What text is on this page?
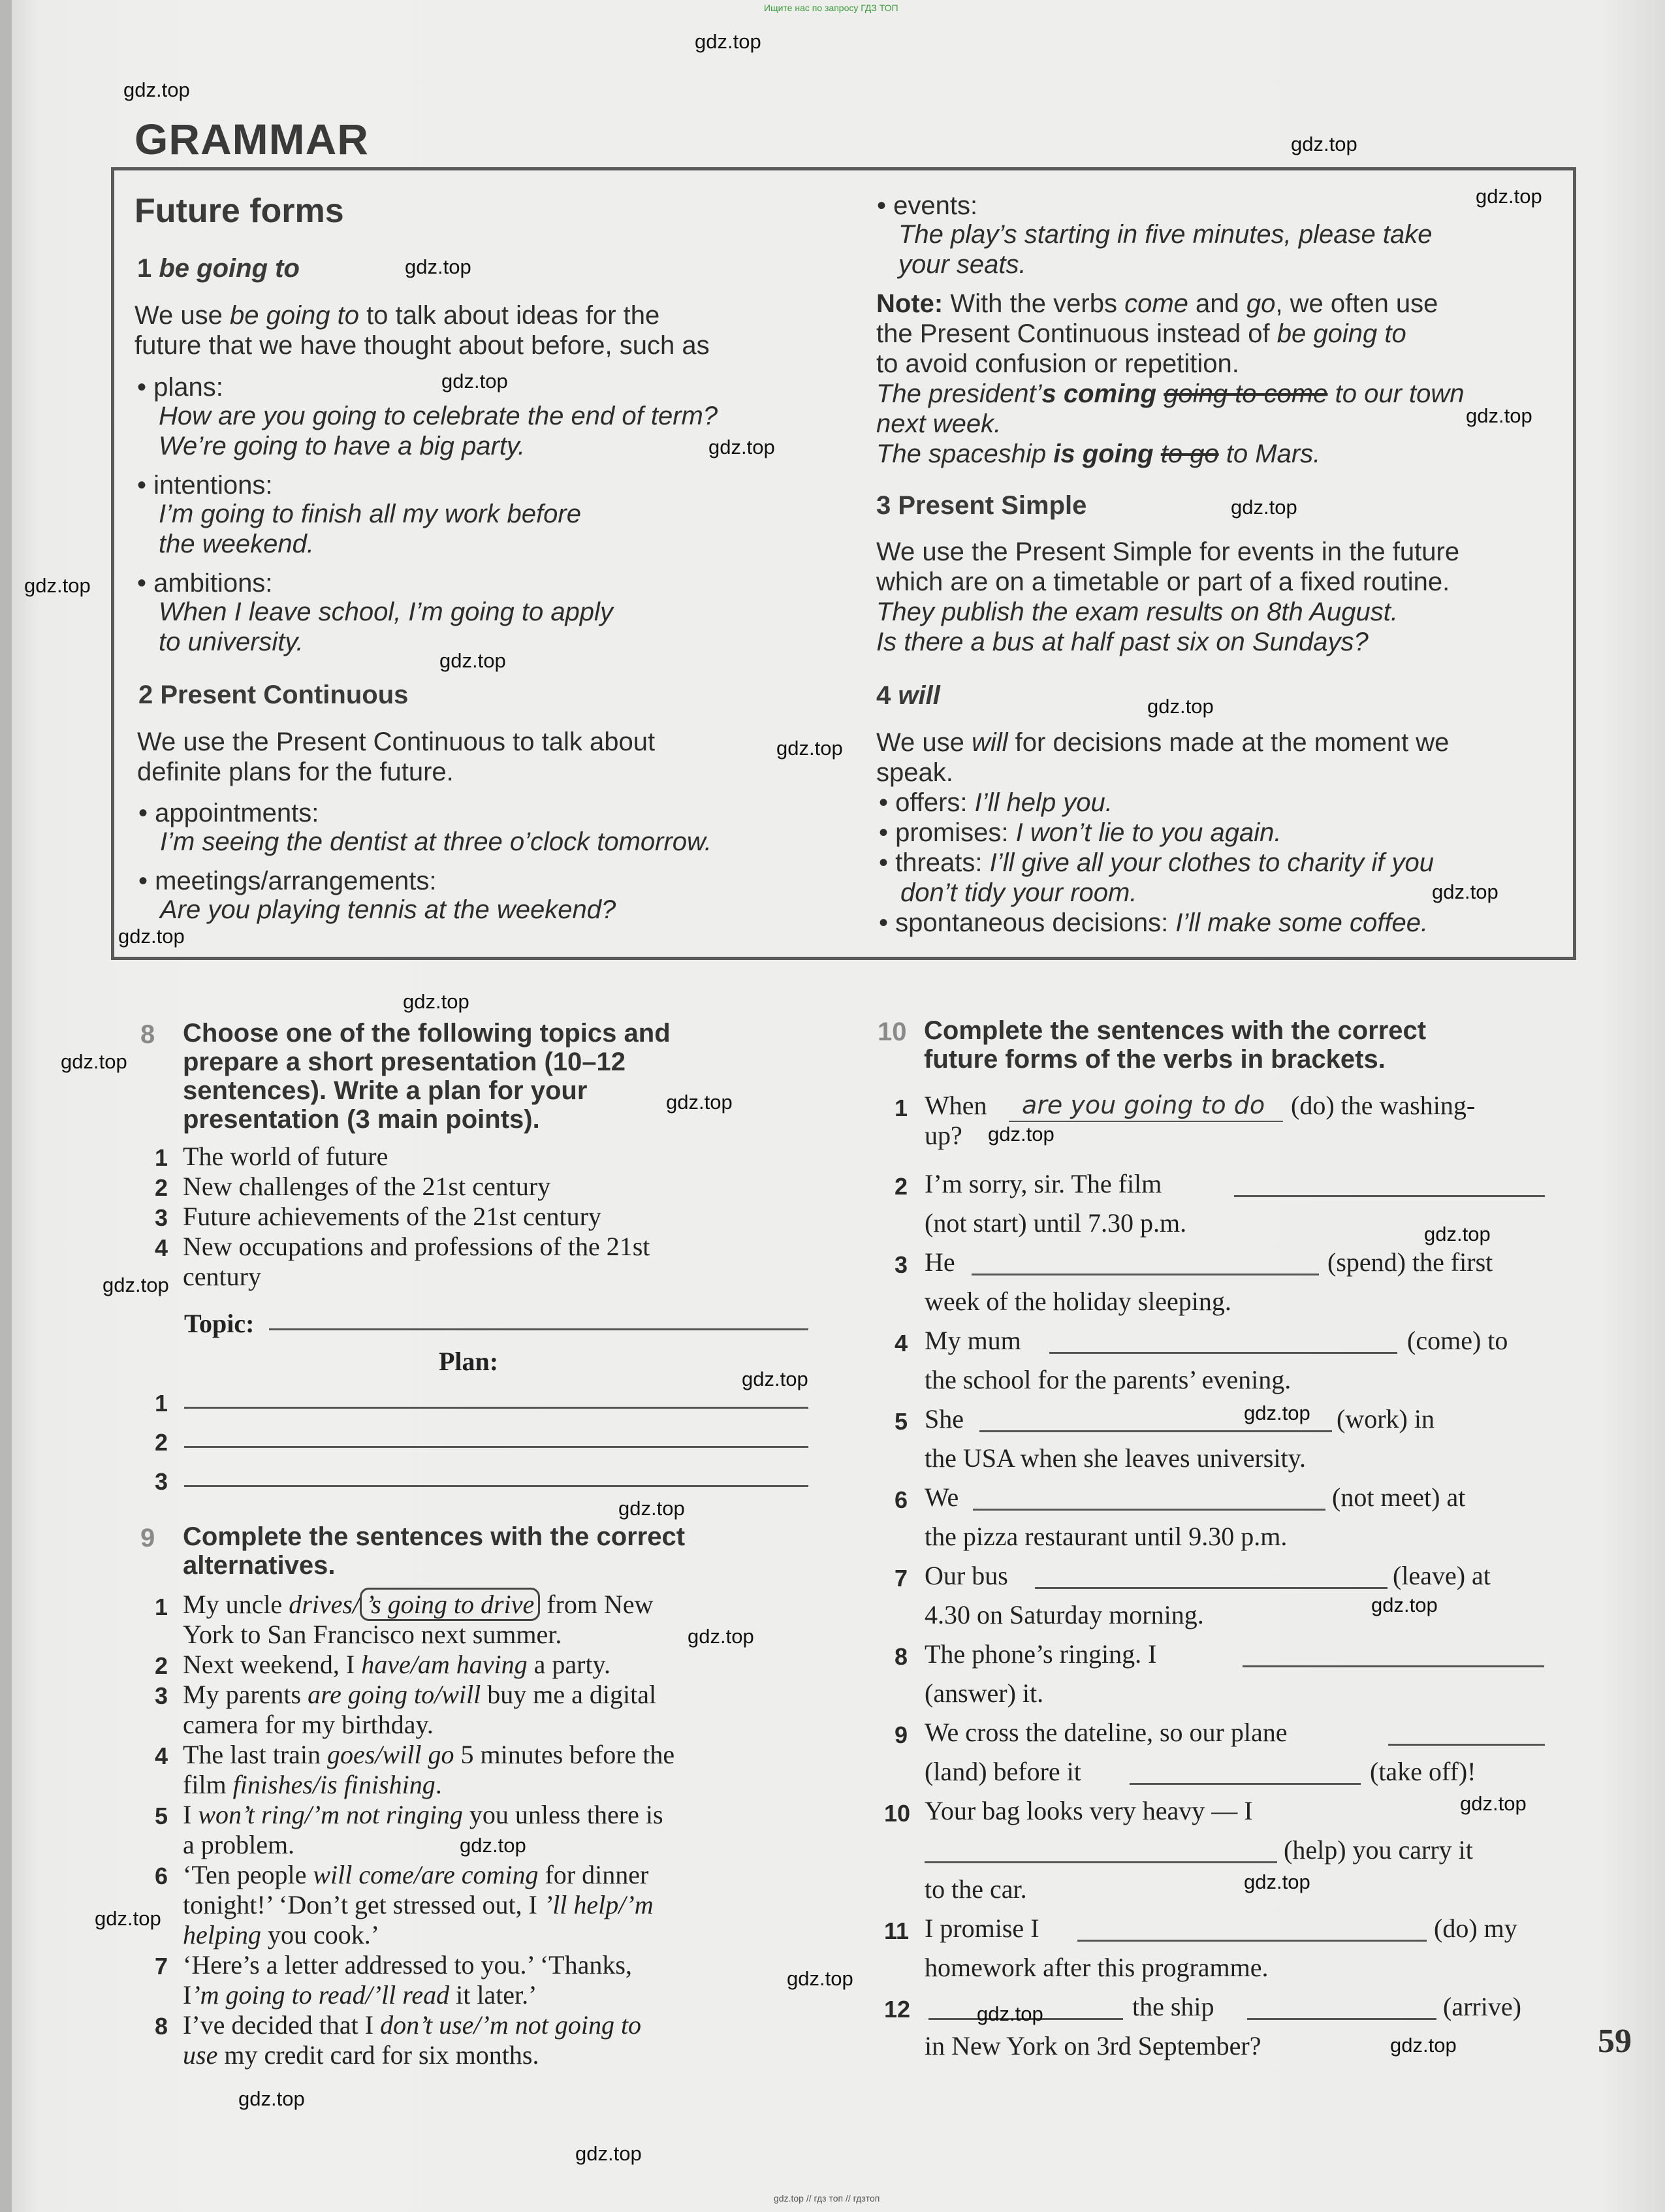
Ищите нас по запросу ГДЗ ТОП
GRAMMAR
Future forms
1 be going to
We use be going to to talk about ideas for the
future that we have thought about before, such as
• plans:
How are you going to celebrate the end of term?
We’re going to have a big party.
• intentions:
I’m going to finish all my work before
the weekend.
• ambitions:
When I leave school, I’m going to apply
to university.
2 Present Continuous
We use the Present Continuous to talk about
definite plans for the future.
• appointments:
I’m seeing the dentist at three o’clock tomorrow.
• meetings/arrangements:
Are you playing tennis at the weekend?
• events:
The play’s starting in five minutes, please take
your seats.
Note: With the verbs come and go, we often use
the Present Continuous instead of be going to
to avoid confusion or repetition.
The president’s coming going to come to our town
next week.
The spaceship is going to go to Mars.
3 Present Simple
We use the Present Simple for events in the future
which are on a timetable or part of a fixed routine.
They publish the exam results on 8th August.
Is there a bus at half past six on Sundays?
4 will
We use will for decisions made at the moment we
speak.
• offers: I’ll help you.
• promises: I won’t lie to you again.
• threats: I’ll give all your clothes to charity if you
don’t tidy your room.
• spontaneous decisions: I’ll make some coffee.
8 Choose one of the following topics and
prepare a short presentation (10–12
sentences). Write a plan for your
presentation (3 main points).
1 The world of future
2 New challenges of the 21st century
3 Future achievements of the 21st century
4 New occupations and professions of the 21st
century
Topic:
Plan:
1
2
3
9 Complete the sentences with the correct
alternatives.
1 My uncle drives/ ’s going to drive from New
York to San Francisco next summer.
2 Next weekend, I have/am having a party.
3 My parents are going to/will buy me a digital
camera for my birthday.
4 The last train goes/will go 5 minutes before the
film finishes/is finishing.
5 I won’t ring/’m not ringing you unless there is
a problem.
6 ‘Ten people will come/are coming for dinner
tonight!’ ‘Don’t get stressed out, I ’ll help/’m
helping you cook.’
7 ‘Here’s a letter addressed to you.’ ‘Thanks,
I’m going to read/’ll read it later.’
8 I’ve decided that I don’t use/’m not going to
use my credit card for six months.
10 Complete the sentences with the correct
future forms of the verbs in brackets.
1 When are you going to do (do) the washing-
up?
2 I’m sorry, sir. The film
(not start) until 7.30 p.m.
3 He	(spend) the first
week of the holiday sleeping.
4 My mum	(come) to
the school for the parents’ evening.
5 She	(work) in
the USA when she leaves university.
6 We	(not meet) at
the pizza restaurant until 9.30 p.m.
7 Our bus	(leave) at
4.30 on Saturday morning.
8 The phone’s ringing. I
(answer) it.
9 We cross the dateline, so our plane
(land) before it	(take off)!
10 Your bag looks very heavy — I
(help) you carry it
to the car.
11 I promise I	(do) my
homework after this programme.
12	the ship	(arrive)
in New York on 3rd September?	59
gdz.top
gdz.top
gdz.top
gdz.top
gdz.top
gdz.top
gdz.top
gdz.top
gdz.top
gdz.top
gdz.top
gdz.top
gdz.top
gdz.top
gdz.top
gdz.top
gdz.top
gdz.top
gdz.top
gdz.top
gdz.top
gdz.top
gdz.top
gdz.top
gdz.top
gdz.top
gdz.top
gdz.top
gdz.top
gdz.top
gdz.top
gdz.top
gdz.top
gdz.top
gdz.top
gdz.top // гдз топ // гдзтоп
